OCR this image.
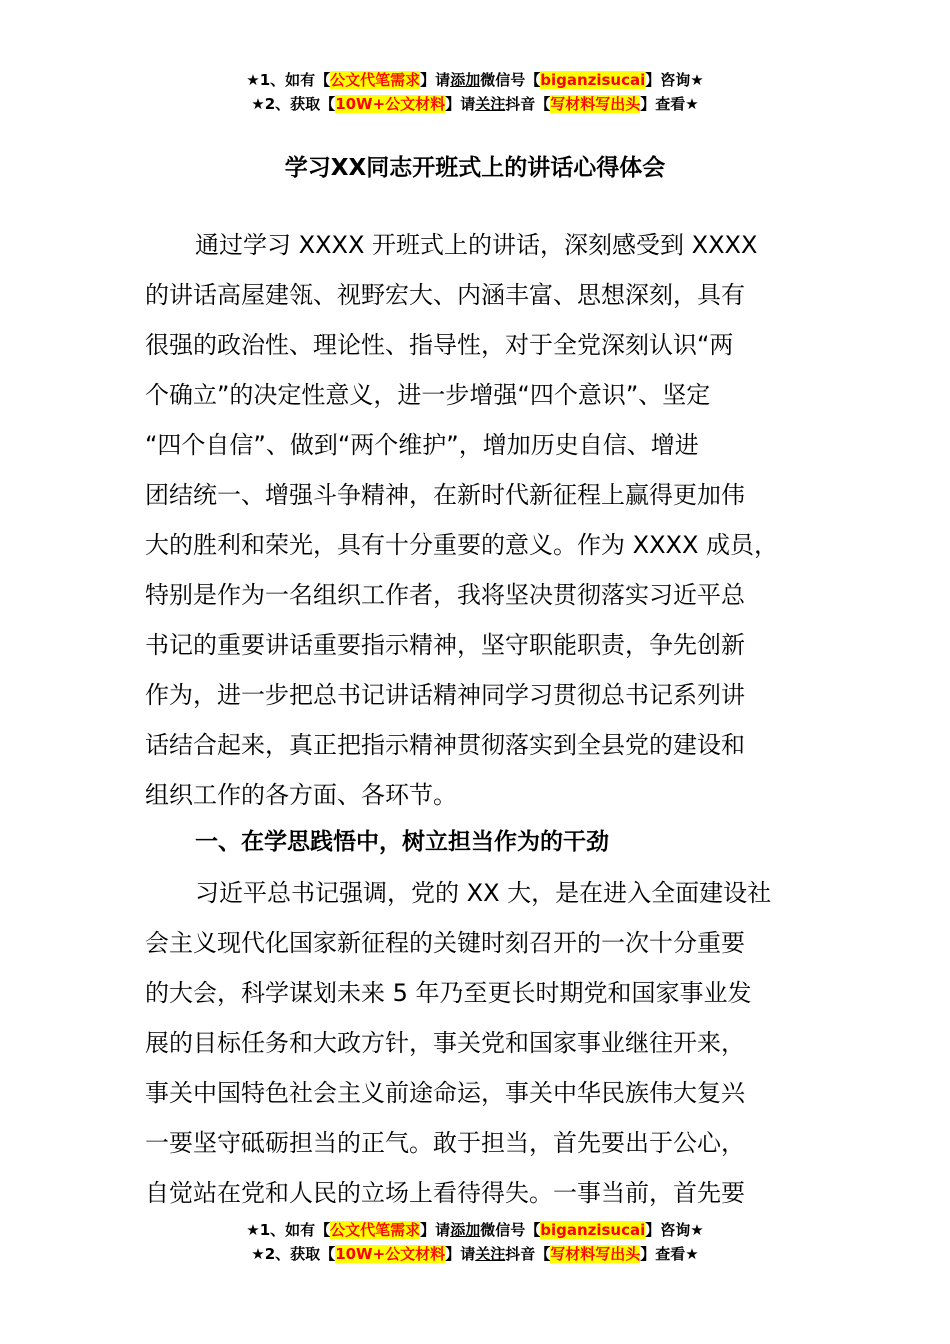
★1、如有【公文代笔需求】请添加微信号【biganzisucai】咨询★
★2、获取【10W+公文材料】请关注抖音【写材料写出头】查看★
学习XX同志开班式上的讲话心得体会
通过学习 XXXX 开班式上的讲话，深刻感受到 XXXX
的讲话高屋建瓴、视野宏大、内涵丰富、思想深刻，具有
很强的政治性、理论性、指导性，对于全党深刻认识“两
个确立”的决定性意义，进一步增强“四个意识”、坚定
“四个自信”、做到“两个维护”，增加历史自信、增进
团结统一、增强斗争精神，在新时代新征程上赢得更加伟
大的胜利和荣光，具有十分重要的意义。作为 XXXX 成员，
特别是作为一名组织工作者，我将坚决贯彻落实习近平总
书记的重要讲话重要指示精神，坚守职能职责，争先创新
作为，进一步把总书记讲话精神同学习贯彻总书记系列讲
话结合起来，真正把指示精神贯彻落实到全县党的建设和
组织工作的各方面、各环节。
一、在学思践悟中，树立担当作为的干劲
习近平总书记强调，党的 XX 大，是在进入全面建设社
会主义现代化国家新征程的关键时刻召开的一次十分重要
的大会，科学谋划未来 5 年乃至更长时期党和国家事业发
展的目标任务和大政方针，事关党和国家事业继往开来，
事关中国特色社会主义前途命运，事关中华民族伟大复兴
一要坚守砥砺担当的正气。敢于担当，首先要出于公心，
自觉站在党和人民的立场上看待得失。一事当前，首先要
★1、如有【公文代笔需求】请添加微信号【biganzisucai】咨询★
★2、获取【10W+公文材料】请关注抖音【写材料写出头】查看★
